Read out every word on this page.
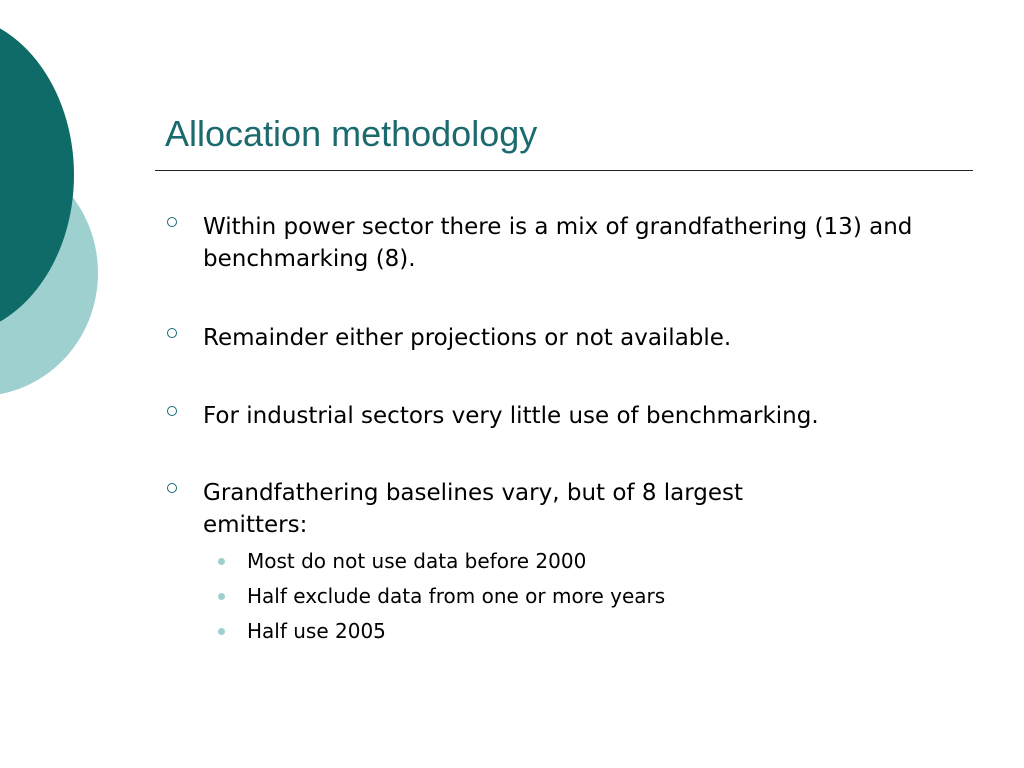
Allocation methodology
Within power sector there is a mix of grandfathering (13) and benchmarking (8).
Remainder either projections or not available.
For industrial sectors very little use of benchmarking.
Grandfathering baselines vary, but of 8 largest emitters:
Most do not use data before 2000
Half exclude data from one or more years
Half use 2005
